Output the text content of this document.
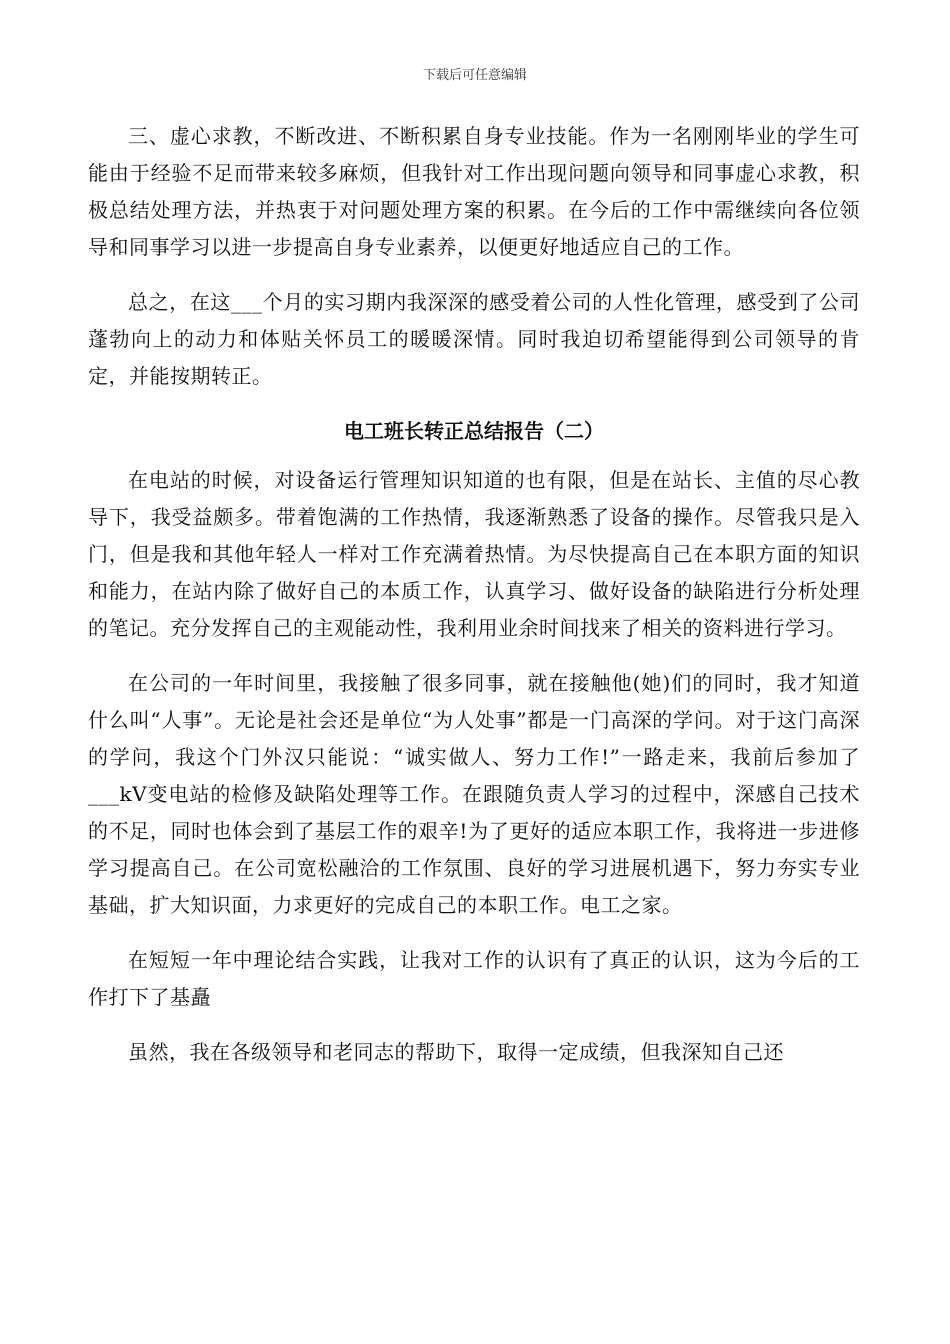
下载后可任意编辑

三、虚心求教，不断改进、不断积累自身专业技能。作为一名刚刚毕业的学生可能由于经验不足而带来较多麻烦，但我针对工作出现问题向领导和同事虚心求教，积极总结处理方法，并热衷于对问题处理方案的积累。在今后的工作中需继续向各位领导和同事学习以进一步提高自身专业素养，以便更好地适应自己的工作。

总之，在这___个月的实习期内我深深的感受着公司的人性化管理，感受到了公司蓬勃向上的动力和体贴关怀员工的暖暖深情。同时我迫切希望能得到公司领导的肯定，并能按期转正。

电工班长转正总结报告（二）

在电站的时候，对设备运行管理知识知道的也有限，但是在站长、主值的尽心教导下，我受益颇多。带着饱满的工作热情，我逐渐熟悉了设备的操作。尽管我只是入门，但是我和其他年轻人一样对工作充满着热情。为尽快提高自己在本职方面的知识和能力，在站内除了做好自己的本质工作，认真学习、做好设备的缺陷进行分析处理的笔记。充分发挥自己的主观能动性，我利用业余时间找来了相关的资料进行学习。

在公司的一年时间里，我接触了很多同事，就在接触他(她)们的同时，我才知道什么叫“人事”。无论是社会还是单位“为人处事”都是一门高深的学问。对于这门高深的学问，我这个门外汉只能说：“诚实做人、努力工作!”一路走来，我前后参加了___kV变电站的检修及缺陷处理等工作。在跟随负责人学习的过程中，深感自己技术的不足，同时也体会到了基层工作的艰辛!为了更好的适应本职工作，我将进一步进修学习提高自己。在公司宽松融洽的工作氛围、良好的学习进展机遇下，努力夯实专业基础，扩大知识面，力求更好的完成自己的本职工作。电工之家。

在短短一年中理论结合实践，让我对工作的认识有了真正的认识，这为今后的工作打下了基矗

虽然，我在各级领导和老同志的帮助下，取得一定成绩，但我深知自己还
